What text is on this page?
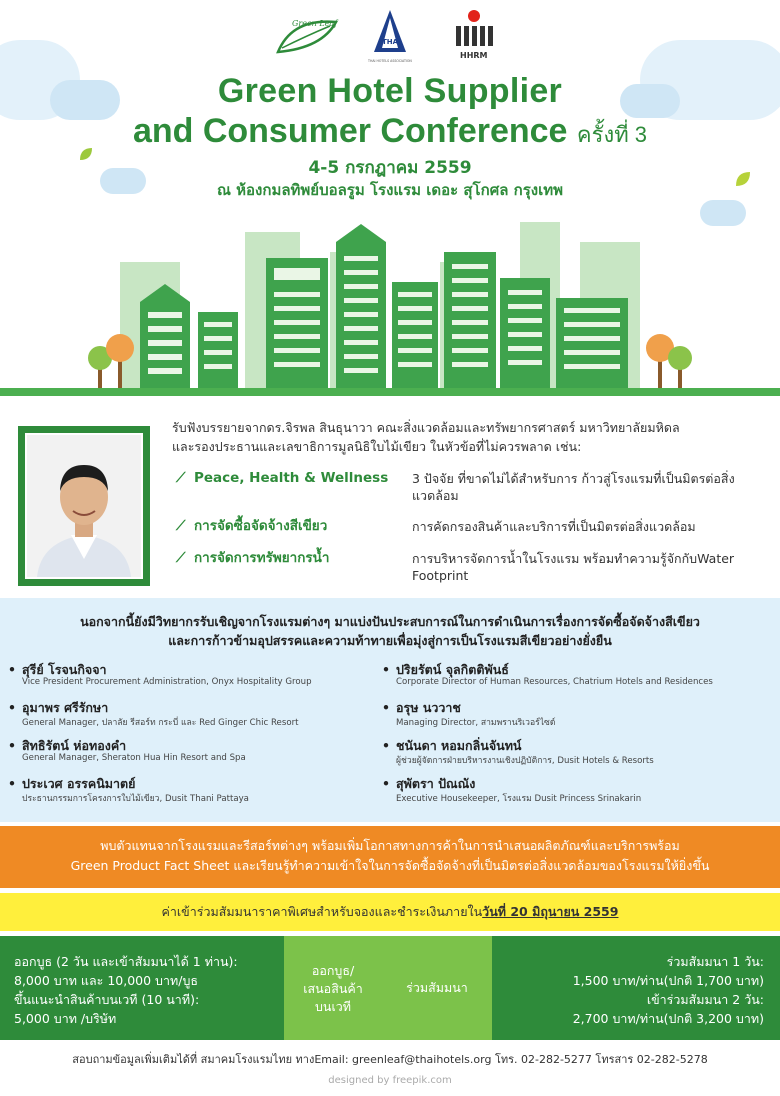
Green Leaf
THA
THAI HOTELS ASSOCIATION
HHRM
Green Hotel Supplier
and Consumer Conference ครั้งที่ 3
4-5 กรกฎาคม 2559
ณ ห้องกมลทิพย์บอลรูม โรงแรม เดอะ สุโกศล กรุงเทพ
รับฟังบรรยายจากดร.จิรพล สินธุนาวา คณะสิ่งแวดล้อมและทรัพยากรศาสตร์ มหาวิทยาลัยมหิดล
และรองประธานและเลขาธิการมูลนิธิใบไม้เขียว ในหัวข้อที่ไม่ควรพลาด เช่น:
⟋ Peace, Health & Wellness	3 ปัจจัย ที่ขาดไม่ได้สำหรับการ ก้าวสู่โรงแรมที่เป็นมิตรต่อสิ่งแวดล้อม
⟋ การจัดซื้อจัดจ้างสีเขียว	การคัดกรองสินค้าและบริการที่เป็นมิตรต่อสิ่งแวดล้อม
⟋ การจัดการทรัพยากรน้ำ	การบริหารจัดการน้ำในโรงแรม พร้อมทำความรู้จักกับWater Footprint
นอกจากนี้ยังมีวิทยากรรับเชิญจากโรงแรมต่างๆ มาแบ่งปันประสบการณ์ในการดำเนินการเรื่องการจัดซื้อจัดจ้างสีเขียว
และการก้าวข้ามอุปสรรคและความท้าทายเพื่อมุ่งสู่การเป็นโรงแรมสีเขียวอย่างยั่งยืน
• สุรีย์ โรจนกิจจา
Vice President Procurement Administration, Onyx Hospitality Group
• อุมาพร ศรีรักษา
General Manager, ปลาลัย รีสอร์ท กระบี่ และ Red Ginger Chic Resort
• สิทธิรัตน์ ห่อทองคำ
General Manager, Sheraton Hua Hin Resort and Spa
• ประเวศ อรรคนิมาตย์
ประธานกรรมการโครงการใบไม้เขียว, Dusit Thani Pattaya
• ปริยรัตน์ จุลกิตติพันธ์
Corporate Director of Human Resources, Chatrium Hotels and Residences
• อรุษ นววาช
Managing Director, สามพรานริเวอร์ไซด์
• ชนันดา หอมกลิ่นจันทน์
ผู้ช่วยผู้จัดการฝ่ายบริหารงานเชิงปฏิบัติการ, Dusit Hotels & Resorts
• สุพัตรา ปัณณัง
Executive Housekeeper, โรงแรม Dusit Princess Srinakarin
พบตัวแทนจากโรงแรมและรีสอร์ทต่างๆ พร้อมเพิ่มโอกาสทางการค้าในการนำเสนอผลิตภัณฑ์และบริการพร้อม
Green Product Fact Sheet และเรียนรู้ทำความเข้าใจในการจัดซื้อจัดจ้างที่เป็นมิตรต่อสิ่งแวดล้อมของโรงแรมให้ยิ่งขึ้น
ค่าเข้าร่วมสัมมนาราคาพิเศษสำหรับจองและชำระเงินภายในวันที่ 20 มิถุนายน 2559
ออกบูธ (2 วัน และเข้าสัมมนาได้ 1 ท่าน):
8,000 บาท และ 10,000 บาท/บูธ
ขึ้นแนะนำสินค้าบนเวที (10 นาที):
5,000 บาท /บริษัท
ออกบูธ/
เสนอสินค้า
บนเวที
ร่วมสัมมนา
ร่วมสัมมนา 1 วัน:
1,500 บาท/ท่าน(ปกติ 1,700 บาท)
เข้าร่วมสัมมนา 2 วัน:
2,700 บาท/ท่าน(ปกติ 3,200 บาท)
สอบถามข้อมูลเพิ่มเติมได้ที่ สมาคมโรงแรมไทย ทางEmail: greenleaf@thaihotels.org โทร. 02-282-5277 โทรสาร 02-282-5278
designed by freepik.com
